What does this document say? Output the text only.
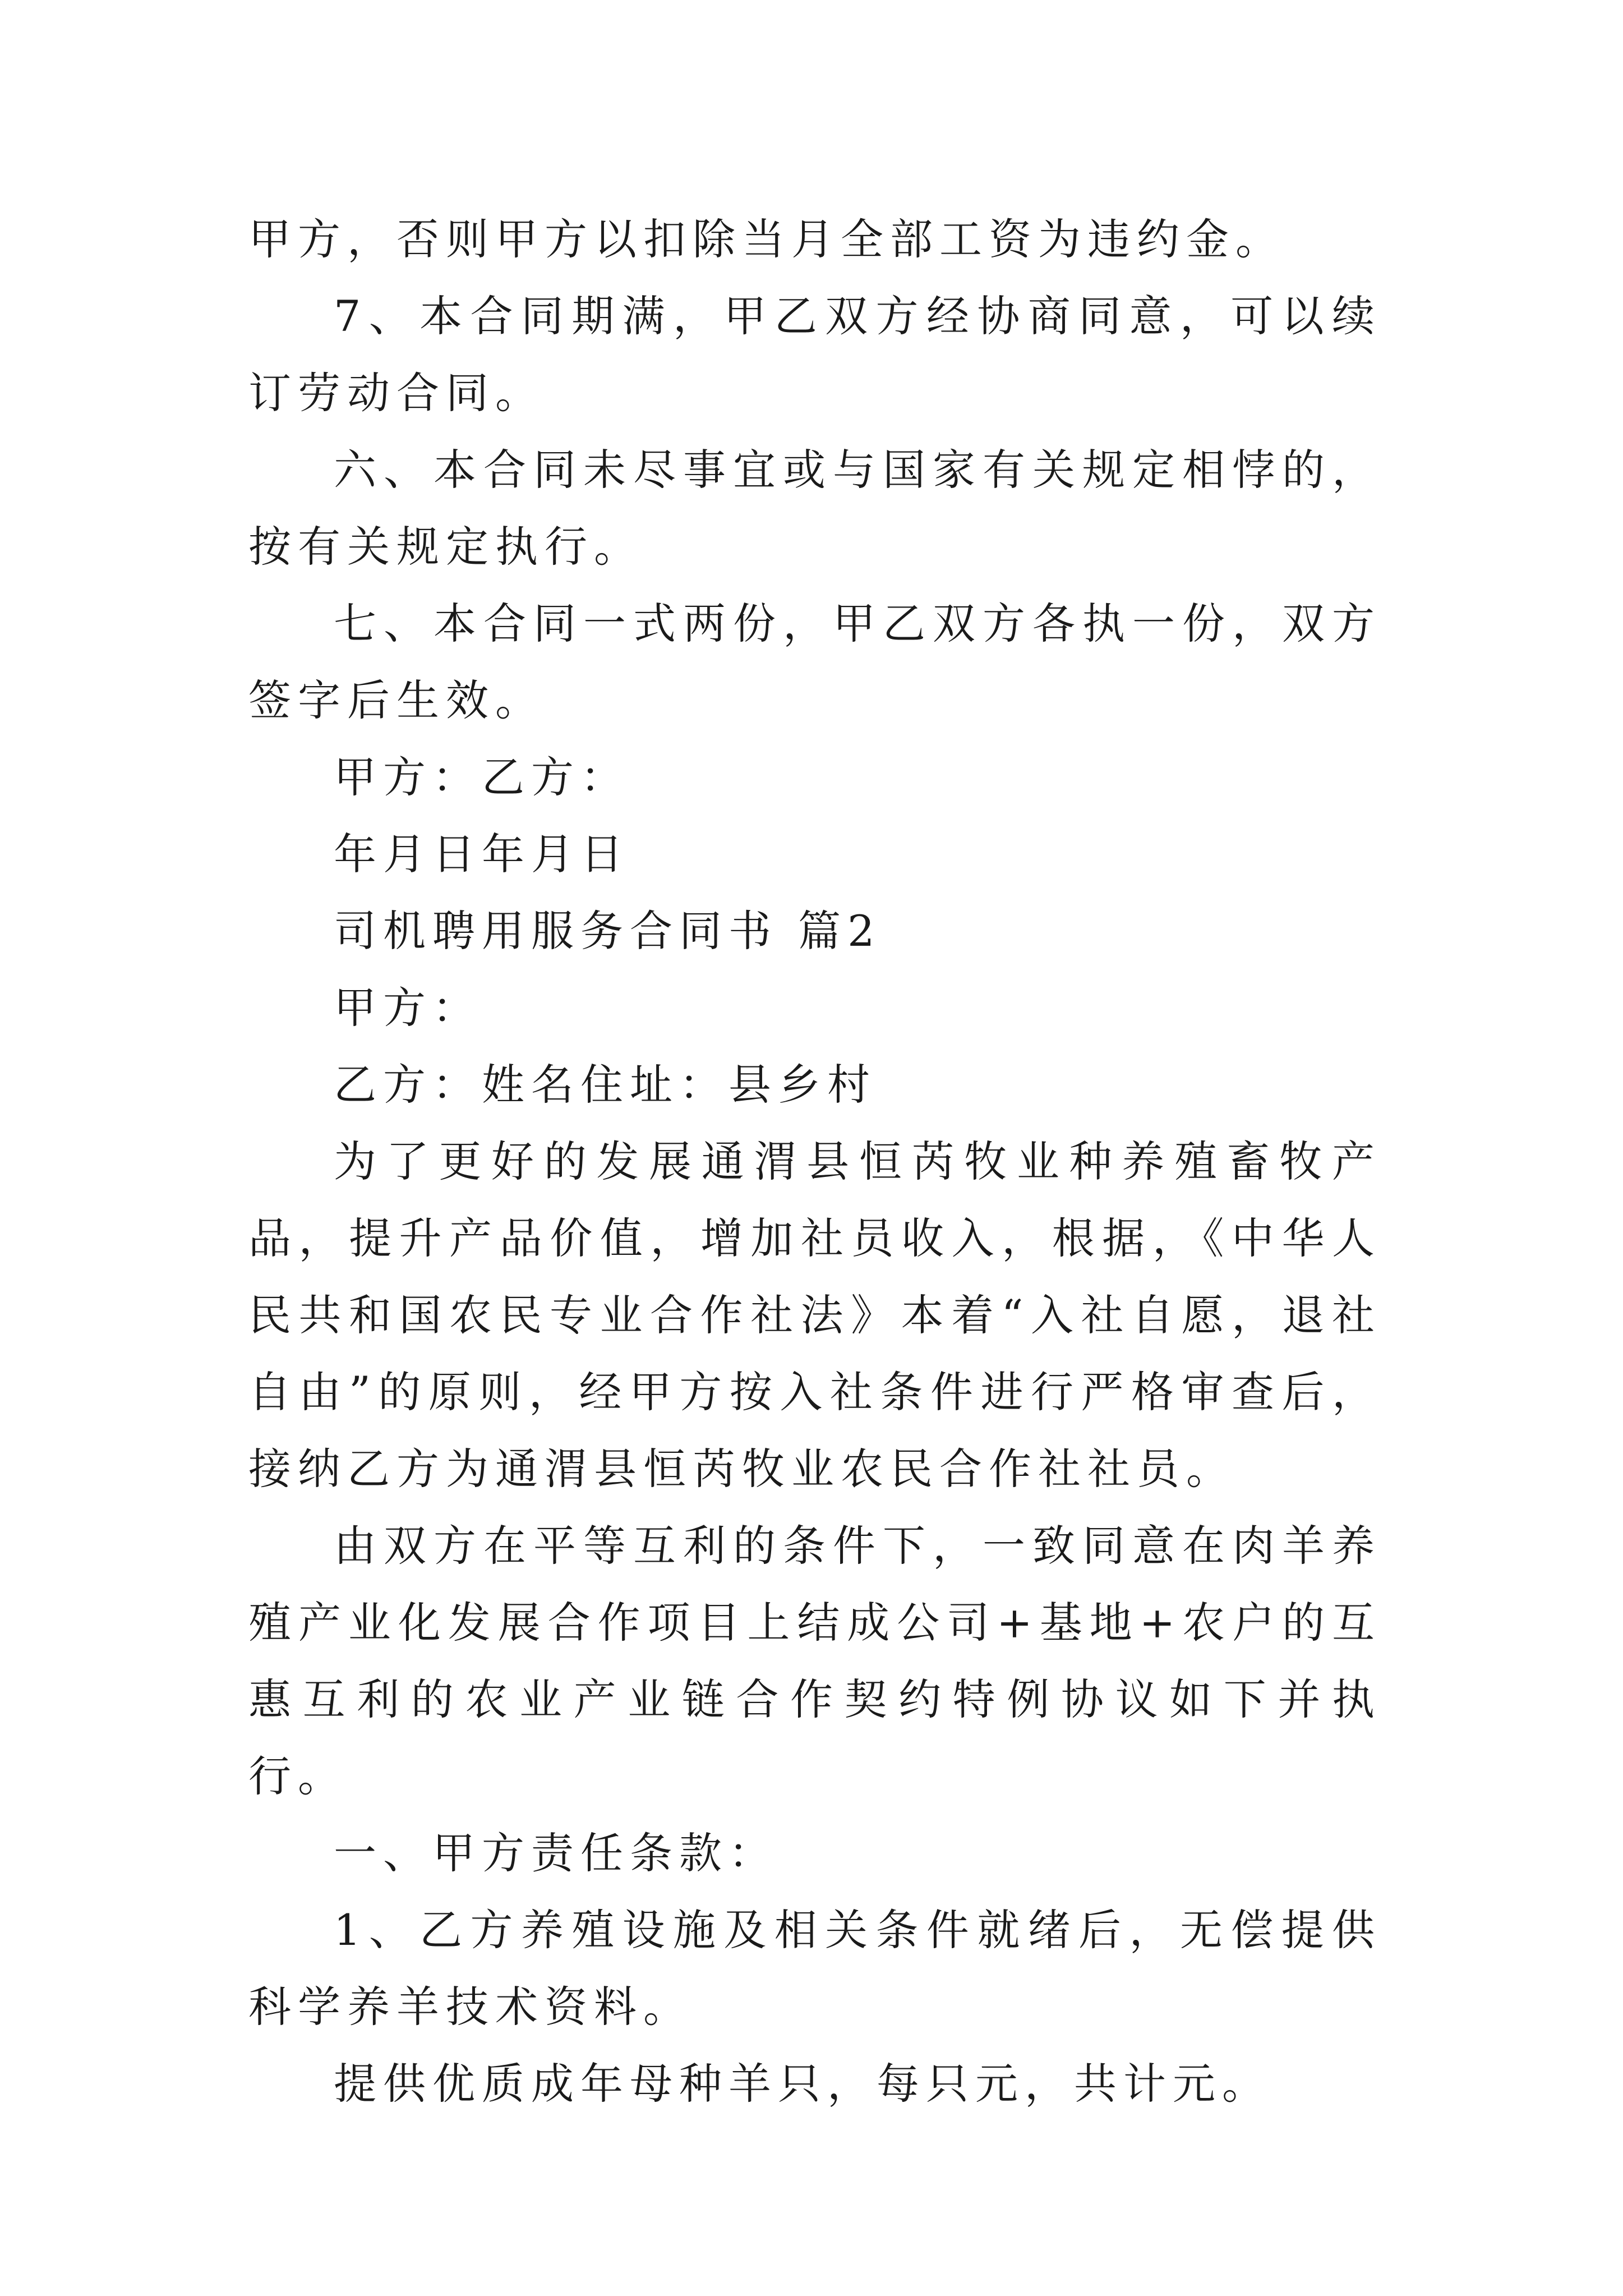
甲方，否则甲方以扣除当月全部工资为违约金。

7、本合同期满，甲乙双方经协商同意，可以续订劳动合同。

六、本合同未尽事宜或与国家有关规定相悖的，按有关规定执行。

七、本合同一式两份，甲乙双方各执一份，双方签字后生效。

甲方：乙方：

年月日年月日

司机聘用服务合同书 篇2

甲方：

乙方：姓名住址：县乡村

为了更好的发展通渭县恒芮牧业种养殖畜牧产品，提升产品价值，增加社员收入，根据，《中华人民共和国农民专业合作社法》本着“入社自愿，退社自由”的原则，经甲方按入社条件进行严格审查后，接纳乙方为通渭县恒芮牧业农民合作社社员。

由双方在平等互利的条件下，一致同意在肉羊养殖产业化发展合作项目上结成公司+基地+农户的互惠互利的农业产业链合作契约特例协议如下并执行。

一、甲方责任条款：

1、乙方养殖设施及相关条件就绪后，无偿提供科学养羊技术资料。

提供优质成年母种羊只，每只元，共计元。
